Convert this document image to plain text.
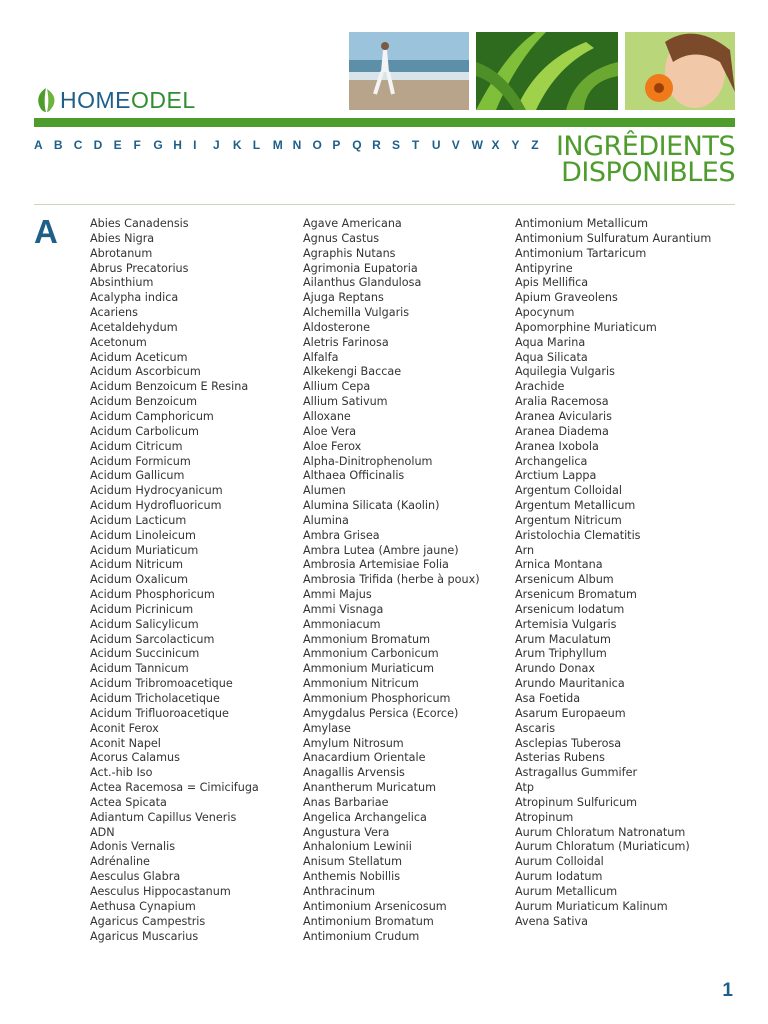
HOMEODEL
A B C D E F	G H I	J	K L	M N O P Q R S T	U V W X Y Z INGRÊDIENTS
DISPONIBLES
A	Abies Canadensis
Abies Nigra
Abrotanum
Abrus Precatorius
Absinthium
Acalypha indica
Acariens
Acetaldehydum
Acetonum
Acidum Aceticum
Acidum Ascorbicum
Acidum Benzoicum E Resina
Acidum Benzoicum
Acidum Camphoricum
Acidum Carbolicum
Acidum Citricum
Acidum Formicum
Acidum Gallicum
Acidum Hydrocyanicum
Acidum Hydrofluoricum
Acidum Lacticum
Acidum Linoleicum
Acidum Muriaticum
Acidum Nitricum
Acidum Oxalicum
Acidum Phosphoricum
Acidum Picrinicum
Acidum Salicylicum
Acidum Sarcolacticum
Acidum Succinicum
Acidum Tannicum
Acidum Tribromoacetique
Acidum Tricholacetique
Acidum Trifluoroacetique
Aconit Ferox
Aconit Napel
Acorus Calamus
Act.-hib Iso
Actea Racemosa = Cimicifuga
Actea Spicata
Adiantum Capillus Veneris
ADN
Adonis Vernalis
Adrénaline
Aesculus Glabra
Aesculus Hippocastanum
Aethusa Cynapium
Agaricus Campestris
Agaricus Muscarius
Agave Americana
Agnus Castus
Agraphis Nutans
Agrimonia Eupatoria
Ailanthus Glandulosa
Ajuga Reptans
Alchemilla Vulgaris
Aldosterone
Aletris Farinosa
Alfalfa
Alkekengi Baccae
Allium Cepa
Allium Sativum
Alloxane
Aloe Vera
Aloe Ferox
Alpha-Dinitrophenolum
Althaea Officinalis
Alumen
Alumina Silicata (Kaolin)
Alumina
Ambra Grisea
Ambra Lutea (Ambre jaune)
Ambrosia Artemisiae Folia
Ambrosia Trifida (herbe à poux)
Ammi Majus
Ammi Visnaga
Ammoniacum
Ammonium Bromatum
Ammonium Carbonicum
Ammonium Muriaticum
Ammonium Nitricum
Ammonium Phosphoricum
Amygdalus Persica (Ecorce)
Amylase
Amylum Nitrosum
Anacardium Orientale
Anagallis Arvensis
Anantherum Muricatum
Anas Barbariae
Angelica Archangelica
Angustura Vera
Anhalonium Lewinii
Anisum Stellatum
Anthemis Nobillis
Anthracinum
Antimonium Arsenicosum
Antimonium Bromatum
Antimonium Crudum
Antimonium Metallicum
Antimonium Sulfuratum Aurantium
Antimonium Tartaricum
Antipyrine
Apis Mellifica
Apium Graveolens
Apocynum
Apomorphine Muriaticum
Aqua Marina
Aqua Silicata
Aquilegia Vulgaris
Arachide
Aralia Racemosa
Aranea Avicularis
Aranea Diadema
Aranea Ixobola
Archangelica
Arctium Lappa
Argentum Colloidal
Argentum Metallicum
Argentum Nitricum
Aristolochia Clematitis
Arn
Arnica Montana
Arsenicum Album
Arsenicum Bromatum
Arsenicum Iodatum
Artemisia Vulgaris
Arum Maculatum
Arum Triphyllum
Arundo Donax
Arundo Mauritanica
Asa Foetida
Asarum Europaeum
Ascaris
Asclepias Tuberosa
Asterias Rubens
Astragallus Gummifer
Atp
Atropinum Sulfuricum
Atropinum
Aurum Chloratum Natronatum
Aurum Chloratum (Muriaticum)
Aurum Colloidal
Aurum Iodatum
Aurum Metallicum
Aurum Muriaticum Kalinum
Avena Sativa
1
